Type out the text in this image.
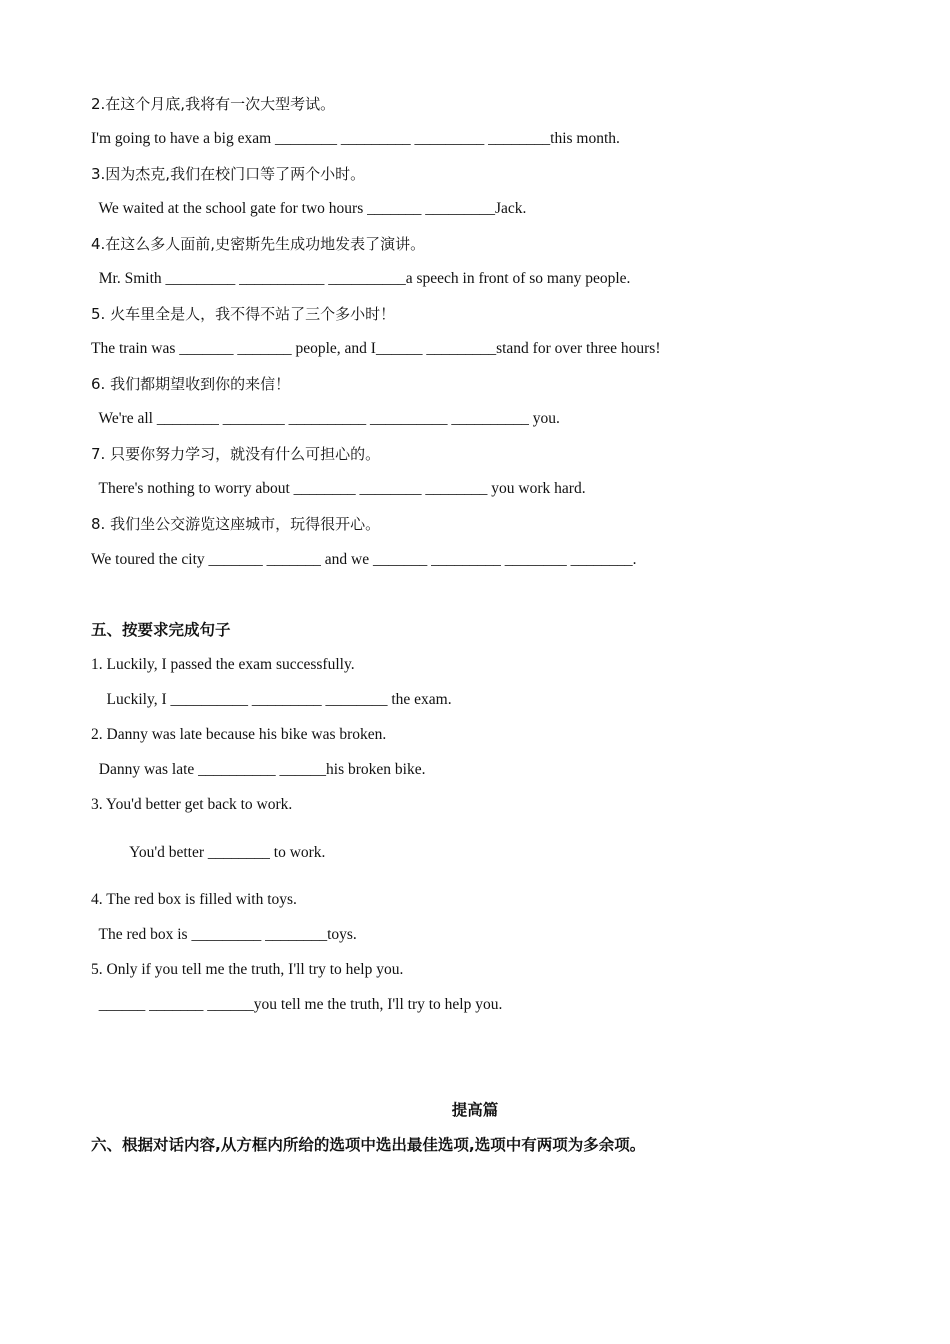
2.在这个月底,我将有一次大型考试。
I'm going to have a big exam ________ _________ _________ ________this month.
3.因为杰克,我们在校门口等了两个小时。
We waited at the school gate for two hours _______ _________Jack.
4.在这么多人面前,史密斯先生成功地发表了演讲。
Mr. Smith _________ ___________ __________a speech in front of so many people.
5. 火车里全是人，我不得不站了三个多小时！
The train was _______ _______ people, and I______ _________stand for over three hours!
6. 我们都期望收到你的来信！
We're all ________ ________ __________ __________ __________ you.
7. 只要你努力学习，就没有什么可担心的。
There's nothing to worry about ________ ________ ________ you work hard.
8. 我们坐公交游览这座城市，玩得很开心。
We toured the city _______ _______ and we _______ _________ ________ ________.
五、按要求完成句子
1. Luckily, I passed the exam successfully.
Luckily, I __________ _________ ________ the exam.
2. Danny was late because his bike was broken.
Danny was late __________ ______his broken bike.
3. You'd better get back to work.
You'd better ________ to work.
4. The red box is filled with toys.
The red box is _________ ________toys.
5. Only if you tell me the truth, I'll try to help you.
______ _______ ______you tell me the truth, I'll try to help you.
提高篇
六、根据对话内容,从方框内所给的选项中选出最佳选项,选项中有两项为多余项。
